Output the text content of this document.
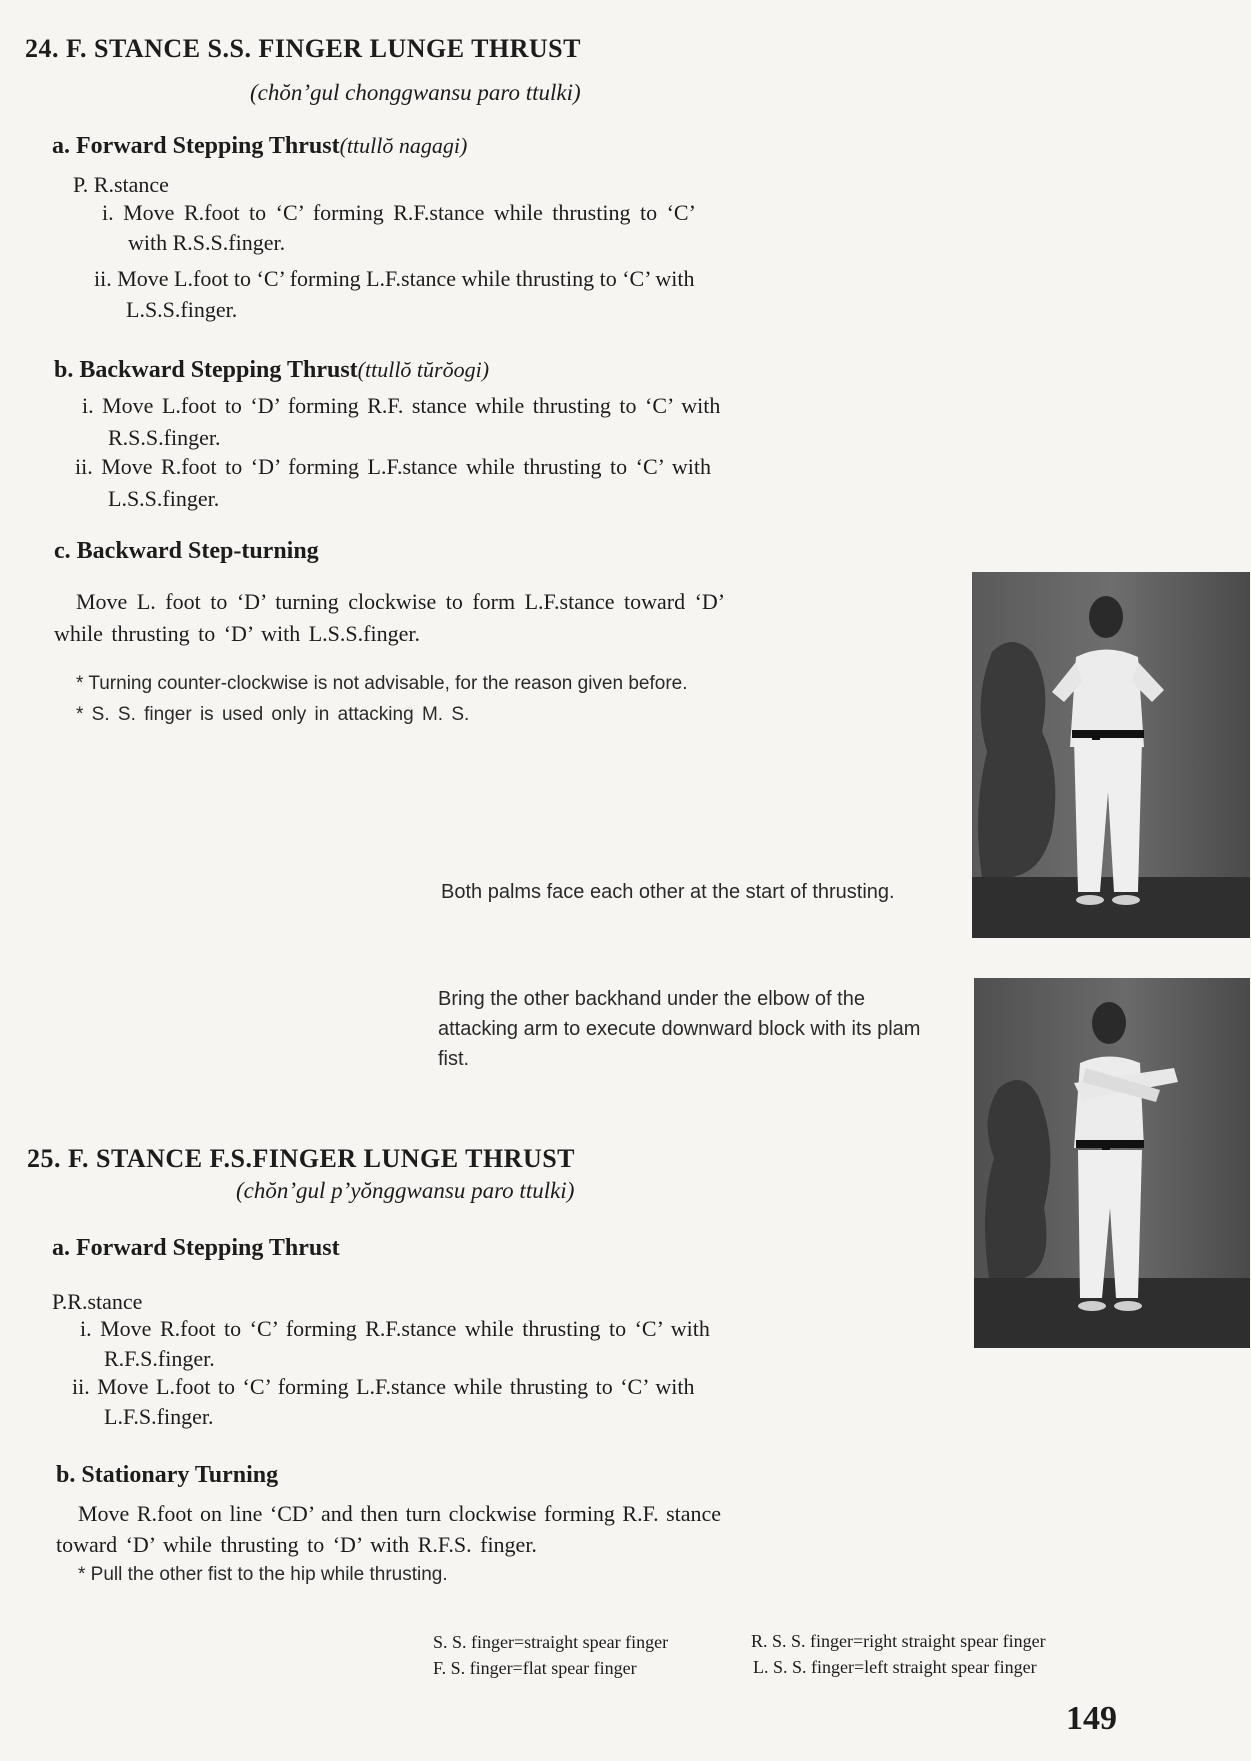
24. F. STANCE S.S. FINGER LUNGE THRUST
(chŏn’gul chonggwansu paro ttulki)
a. Forward Stepping Thrust(ttullŏ nagagi)
P. R.stance
i. Move R.foot to ‘C’ forming R.F.stance while thrusting to ‘C’
with R.S.S.finger.
ii. Move L.foot to ‘C’ forming L.F.stance while thrusting to ‘C’ with
L.S.S.finger.
b. Backward Stepping Thrust(ttullŏ tŭrŏogi)
i. Move L.foot to ‘D’ forming R.F. stance while thrusting to ‘C’ with
R.S.S.finger.
ii. Move R.foot to ‘D’ forming L.F.stance while thrusting to ‘C’ with
L.S.S.finger.
c. Backward Step-turning
Move L. foot to ‘D’ turning clockwise to form L.F.stance toward ‘D’
while thrusting to ‘D’ with L.S.S.finger.
* Turning counter-clockwise is not advisable, for the reason given before.
* S. S. finger is used only in attacking M. S.
Both palms face each other at the start of thrusting.
Bring the other backhand under the elbow of the attacking arm to execute downward block with its plam fist.
25. F. STANCE F.S.FINGER LUNGE THRUST
(chŏn’gul p’yŏnggwansu paro ttulki)
a. Forward Stepping Thrust
P.R.stance
i. Move R.foot to ‘C’ forming R.F.stance while thrusting to ‘C’ with
R.F.S.finger.
ii. Move L.foot to ‘C’ forming L.F.stance while thrusting to ‘C’ with
L.F.S.finger.
b. Stationary Turning
Move R.foot on line ‘CD’ and then turn clockwise forming R.F. stance
toward ‘D’ while thrusting to ‘D’ with R.F.S. finger.
* Pull the other fist to the hip while thrusting.
S. S. finger=straight spear finger
F. S. finger=flat spear finger
R. S. S. finger=right straight spear finger
L. S. S. finger=left straight spear finger
149
